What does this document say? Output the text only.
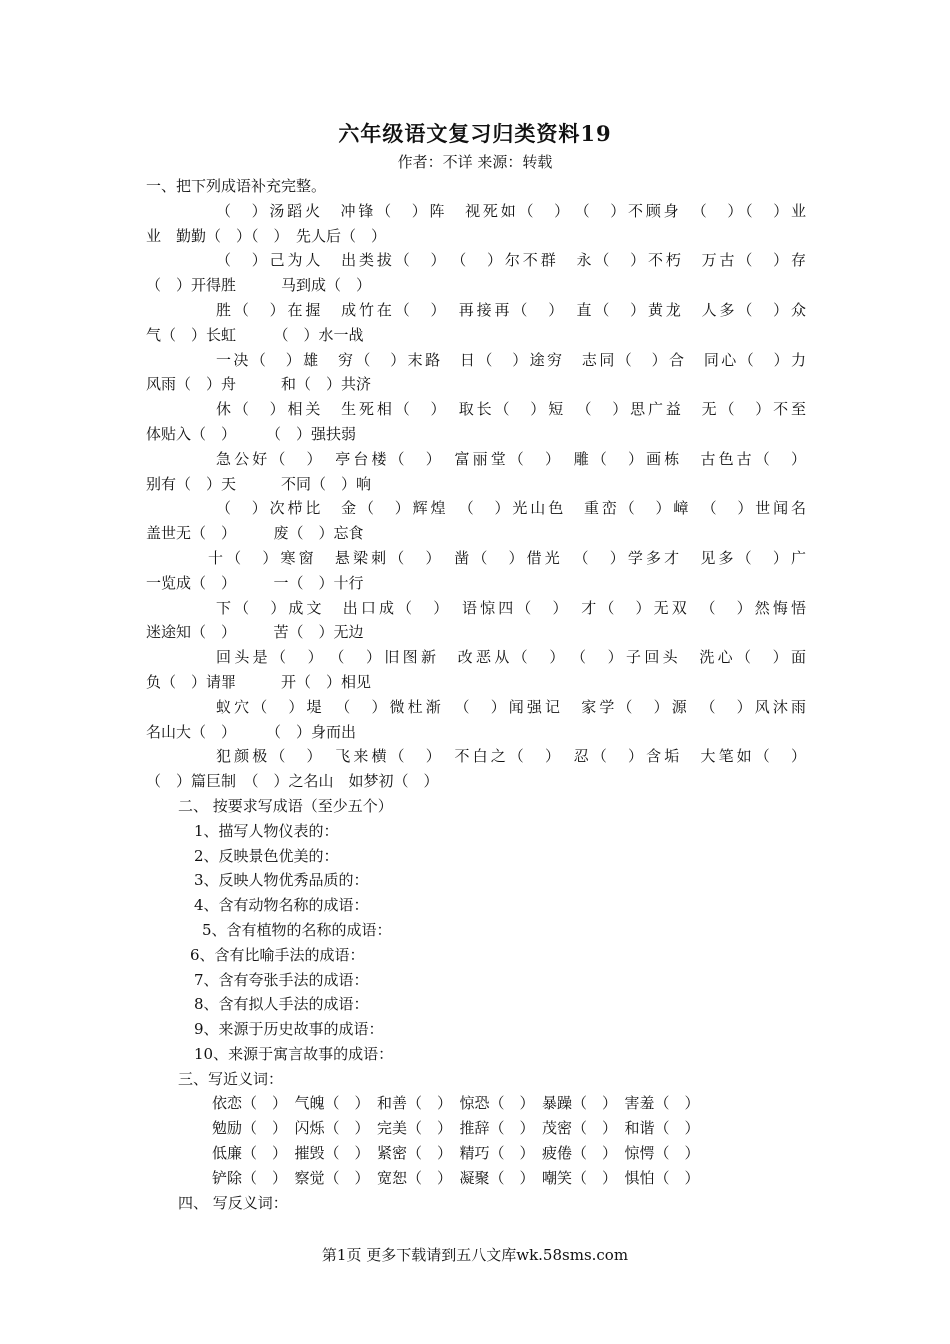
六年级语文复习归类资料19
作者：不详 来源：转载
一、把下列成语补充完整。
（　）汤蹈火　冲锋（　）阵　视死如（　）　（　）不顾身　（　）（　）业
业　勤勤（　）（　）　先人后（　）
（　）己为人　出类拔（　）　（　）尔不群　永（　）不朽　万古（　）存
（　）开得胜　　　马到成（　）
胜（　）在握　成竹在（　）　再接再（　）　直（　）黄龙　人多（　）众
气（　）长虹　　　（　）水一战
一决（　）雄　穷（　）末路　日（　）途穷　志同（　）合　同心（　）力
风雨（　）舟　　　和（　）共济
休（　）相关　生死相（　）　取长（　）短　（　）思广益　无（　）不至
体贴入（　）　　　（　）强扶弱
急公好（　）　亭台楼（　）　富丽堂（　）　雕（　）画栋　古色古（　）
别有（　）天　　　不同（　）响
（　）次栉比　金（　）辉煌　（　）光山色　重峦（　）嶂　（　）世闻名
盖世无（　）　　　废（　）忘食
十（　）寒窗　悬梁刺（　）　凿（　）借光　（　）学多才　见多（　）广
一览成（　）　　　一（　）十行
下（　）成文　出口成（　）　语惊四（　）　才（　）无双　（　）然悔悟
迷途知（　）　　　苦（　）无边
回头是（　）　（　）旧图新　改恶从（　）　（　）子回头　洗心（　）面
负（　）请罪　　　开（　）相见
蚁穴（　）堤　（　）微杜渐　（　）闻强记　家学（　）源　（　）风沐雨
名山大（　）　　　（　）身而出
犯颜极（　）　飞来横（　）　不白之（　）　忍（　）含垢　大笔如（　）
（　）篇巨制　（　）之名山　如梦初（　）
二、 按要求写成语（至少五个）
1、描写人物仪表的：
2、反映景色优美的：
3、反映人物优秀品质的：
4、含有动物名称的成语：
5、含有植物的名称的成语：
6、含有比喻手法的成语：
7、含有夸张手法的成语：
8、含有拟人手法的成语：
9、来源于历史故事的成语：
10、来源于寓言故事的成语：
三、写近义词：
依恋（　）　气魄（　）　和善（　）　惊恐（　）　暴躁（　）　害羞（　）
勉励（　）　闪烁（　）　完美（　）　推辞（　）　茂密（　）　和谐（　）
低廉（　）　摧毁（　）　紧密（　）　精巧（　）　疲倦（　）　惊愕（　）
铲除（　）　察觉（　）　宽恕（　）　凝聚（　）　嘲笑（　）　惧怕（　）
四、 写反义词：
第1页 更多下载请到五八文库wk.58sms.com
